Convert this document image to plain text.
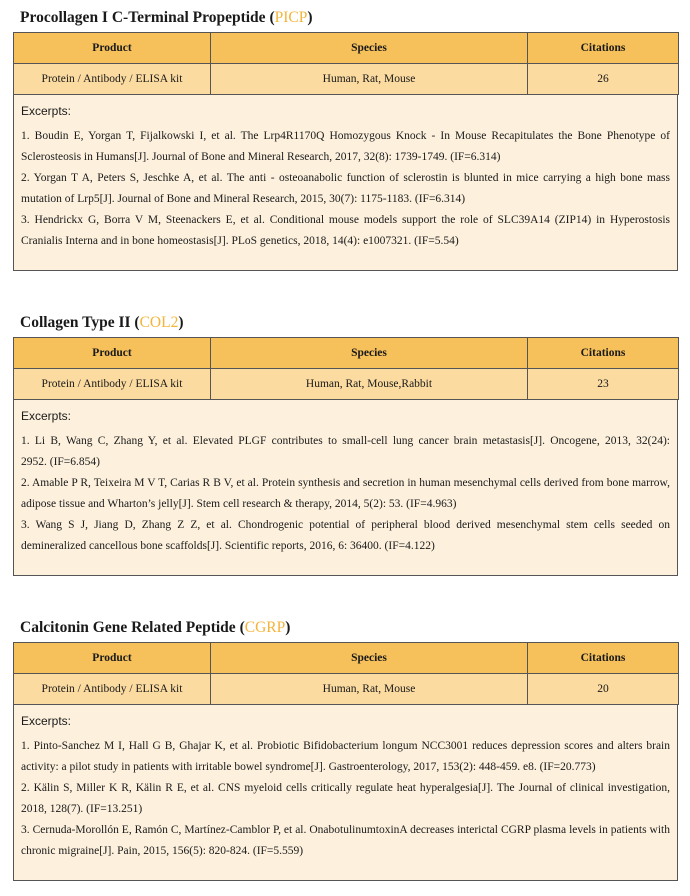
Procollagen I C-Terminal Propeptide (PICP)
Product	Species	Citations
Protein / Antibody / ELISA kit	Human, Rat, Mouse	26
Excerpts:
1. Boudin E, Yorgan T, Fijalkowski I, et al. The Lrp4R1170Q Homozygous Knock - In Mouse Recapitulates the Bone Phenotype of Sclerosteosis in Humans[J]. Journal of Bone and Mineral Research, 2017, 32(8): 1739-1749. (IF=6.314)
2. Yorgan T A, Peters S, Jeschke A, et al. The anti - osteoanabolic function of sclerostin is blunted in mice carrying a high bone mass mutation of Lrp5[J]. Journal of Bone and Mineral Research, 2015, 30(7): 1175-1183. (IF=6.314)
3. Hendrickx G, Borra V M, Steenackers E, et al. Conditional mouse models support the role of SLC39A14 (ZIP14) in Hyperostosis Cranialis Interna and in bone homeostasis[J]. PLoS genetics, 2018, 14(4): e1007321. (IF=5.54)
Collagen Type II (COL2)
Product	Species	Citations
Protein / Antibody / ELISA kit	Human, Rat, Mouse,Rabbit	23
Excerpts:
1. Li B, Wang C, Zhang Y, et al. Elevated PLGF contributes to small-cell lung cancer brain metastasis[J]. Oncogene, 2013, 32(24): 2952. (IF=6.854)
2. Amable P R, Teixeira M V T, Carias R B V, et al. Protein synthesis and secretion in human mesenchymal cells derived from bone marrow, adipose tissue and Wharton’s jelly[J]. Stem cell research & therapy, 2014, 5(2): 53. (IF=4.963)
3. Wang S J, Jiang D, Zhang Z Z, et al. Chondrogenic potential of peripheral blood derived mesenchymal stem cells seeded on demineralized cancellous bone scaffolds[J]. Scientific reports, 2016, 6: 36400. (IF=4.122)
Calcitonin Gene Related Peptide (CGRP)
Product	Species	Citations
Protein / Antibody / ELISA kit	Human, Rat, Mouse	20
Excerpts:
1. Pinto-Sanchez M I, Hall G B, Ghajar K, et al. Probiotic Bifidobacterium longum NCC3001 reduces depression scores and alters brain activity: a pilot study in patients with irritable bowel syndrome[J]. Gastroenterology, 2017, 153(2): 448-459. e8. (IF=20.773)
2. Kälin S, Miller K R, Kälin R E, et al. CNS myeloid cells critically regulate heat hyperalgesia[J]. The Journal of clinical investigation, 2018, 128(7). (IF=13.251)
3. Cernuda-Morollón E, Ramón C, Martínez-Camblor P, et al. OnabotulinumtoxinA decreases interictal CGRP plasma levels in patients with chronic migraine[J]. Pain, 2015, 156(5): 820-824. (IF=5.559)
